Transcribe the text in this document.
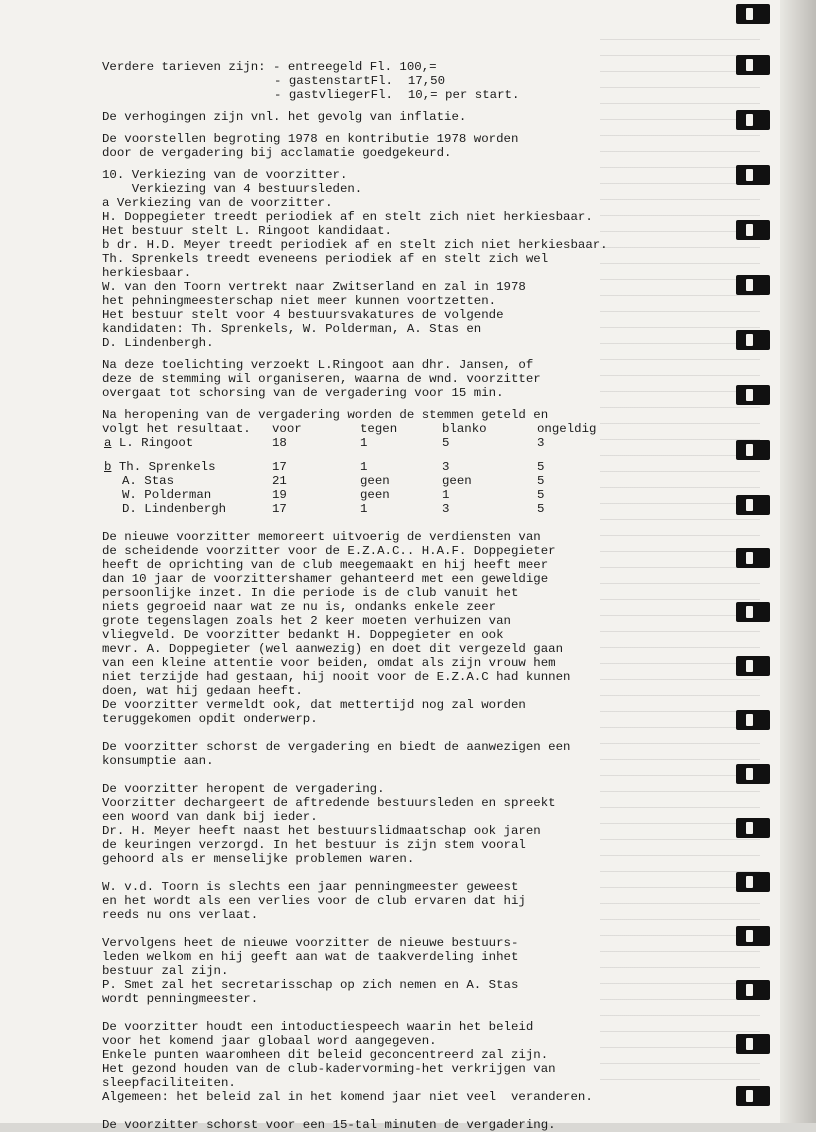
Verdere tarieven zijn: - entreegeld Fl. 100,=
- gastenstartFl.  17,50
- gastvliegerFl.  10,= per start.
De verhogingen zijn vnl. het gevolg van inflatie.
De voorstellen begroting 1978 en kontributie 1978 worden
door de vergadering bij acclamatie goedgekeurd.
10. Verkiezing van de voorzitter.
Verkiezing van 4 bestuursleden.
a Verkiezing van de voorzitter.
H. Doppegieter treedt periodiek af en stelt zich niet herkiesbaar.
Het bestuur stelt L. Ringoot kandidaat.
b dr. H.D. Meyer treedt periodiek af en stelt zich niet herkiesbaar.
Th. Sprenkels treedt eveneens periodiek af en stelt zich wel
herkiesbaar.
W. van den Toorn vertrekt naar Zwitserland en zal in 1978
het pehningmeesterschap niet meer kunnen voortzetten.
Het bestuur stelt voor 4 bestuursvakatures de volgende
kandidaten: Th. Sprenkels, W. Polderman, A. Stas en
D. Lindenbergh.
Na deze toelichting verzoekt L.Ringoot aan dhr. Jansen, of
deze de stemming wil organiseren, waarna de wnd. voorzitter
overgaat tot schorsing van de vergadering voor 15 min.
Na heropening van de vergadering worden de stemmen geteld en
volgt het resultaat.
		voor	tegen	blanko	ongeldig
a L. Ringoot	18	1	5	3

b Th. Sprenkels	17	1	3	5
A. Stas	21	geen	geen	5
W. Polderman	19	geen	1	5
D. Lindenbergh	17	1	3	5
De nieuwe voorzitter memoreert uitvoerig de verdiensten van
de scheidende voorzitter voor de E.Z.A.C.. H.A.F. Doppegieter
heeft de oprichting van de club meegemaakt en hij heeft meer
dan 10 jaar de voorzittershamer gehanteerd met een geweldige
persoonlijke inzet. In die periode is de club vanuit het
niets gegroeid naar wat ze nu is, ondanks enkele zeer
grote tegenslagen zoals het 2 keer moeten verhuizen van
vliegveld. De voorzitter bedankt H. Doppegieter en ook
mevr. A. Doppegieter (wel aanwezig) en doet dit vergezeld gaan
van een kleine attentie voor beiden, omdat als zijn vrouw hem
niet terzijde had gestaan, hij nooit voor de E.Z.A.C had kunnen
doen, wat hij gedaan heeft.
De voorzitter vermeldt ook, dat mettertijd nog zal worden
teruggekomen opdit onderwerp.
De voorzitter schorst de vergadering en biedt de aanwezigen een
konsumptie aan.
De voorzitter heropent de vergadering.
Voorzitter dechargeert de aftredende bestuursleden en spreekt
een woord van dank bij ieder.
Dr. H. Meyer heeft naast het bestuurslidmaatschap ook jaren
de keuringen verzorgd. In het bestuur is zijn stem vooral
gehoord als er menselijke problemen waren.
W. v.d. Toorn is slechts een jaar penningmeester geweest
en het wordt als een verlies voor de club ervaren dat hij
reeds nu ons verlaat.
Vervolgens heet de nieuwe voorzitter de nieuwe bestuurs-
leden welkom en hij geeft aan wat de taakverdeling inhet
bestuur zal zijn.
P. Smet zal het secretarisschap op zich nemen en A. Stas
wordt penningmeester.
De voorzitter houdt een intoductiespeech waarin het beleid
voor het komend jaar globaal word aangegeven.
Enkele punten waaromheen dit beleid geconcentreerd zal zijn.
Het gezond houden van de club-kadervorming-het verkrijgen van
sleepfaciliteiten.
Algemeen: het beleid zal in het komend jaar niet veel  veranderen.
De voorzitter schorst voor een 15-tal minuten de vergadering.
